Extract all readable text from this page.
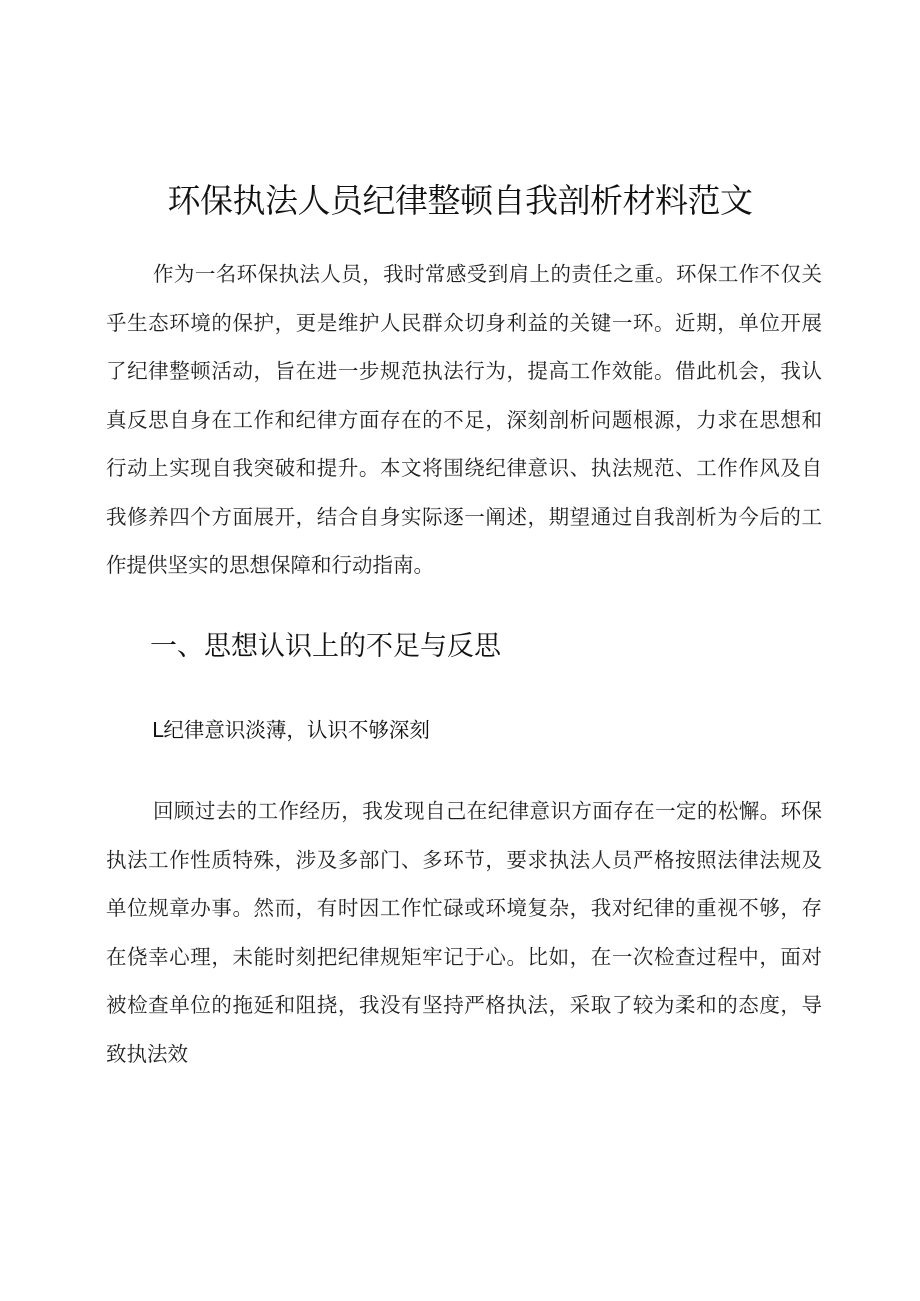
环保执法人员纪律整顿自我剖析材料范文

作为一名环保执法人员，我时常感受到肩上的责任之重。环保工作不仅关乎生态环境的保护，更是维护人民群众切身利益的关键一环。近期，单位开展了纪律整顿活动，旨在进一步规范执法行为，提高工作效能。借此机会，我认真反思自身在工作和纪律方面存在的不足，深刻剖析问题根源，力求在思想和行动上实现自我突破和提升。本文将围绕纪律意识、执法规范、工作作风及自我修养四个方面展开，结合自身实际逐一阐述，期望通过自我剖析为今后的工作提供坚实的思想保障和行动指南。

一、思想认识上的不足与反思
L纪律意识淡薄，认识不够深刻

回顾过去的工作经历，我发现自己在纪律意识方面存在一定的松懈。环保执法工作性质特殊，涉及多部门、多环节，要求执法人员严格按照法律法规及单位规章办事。然而，有时因工作忙碌或环境复杂，我对纪律的重视不够，存在侥幸心理，未能时刻把纪律规矩牢记于心。比如，在一次检查过程中，面对被检查单位的拖延和阻挠，我没有坚持严格执法，采取了较为柔和的态度，导致执法效
